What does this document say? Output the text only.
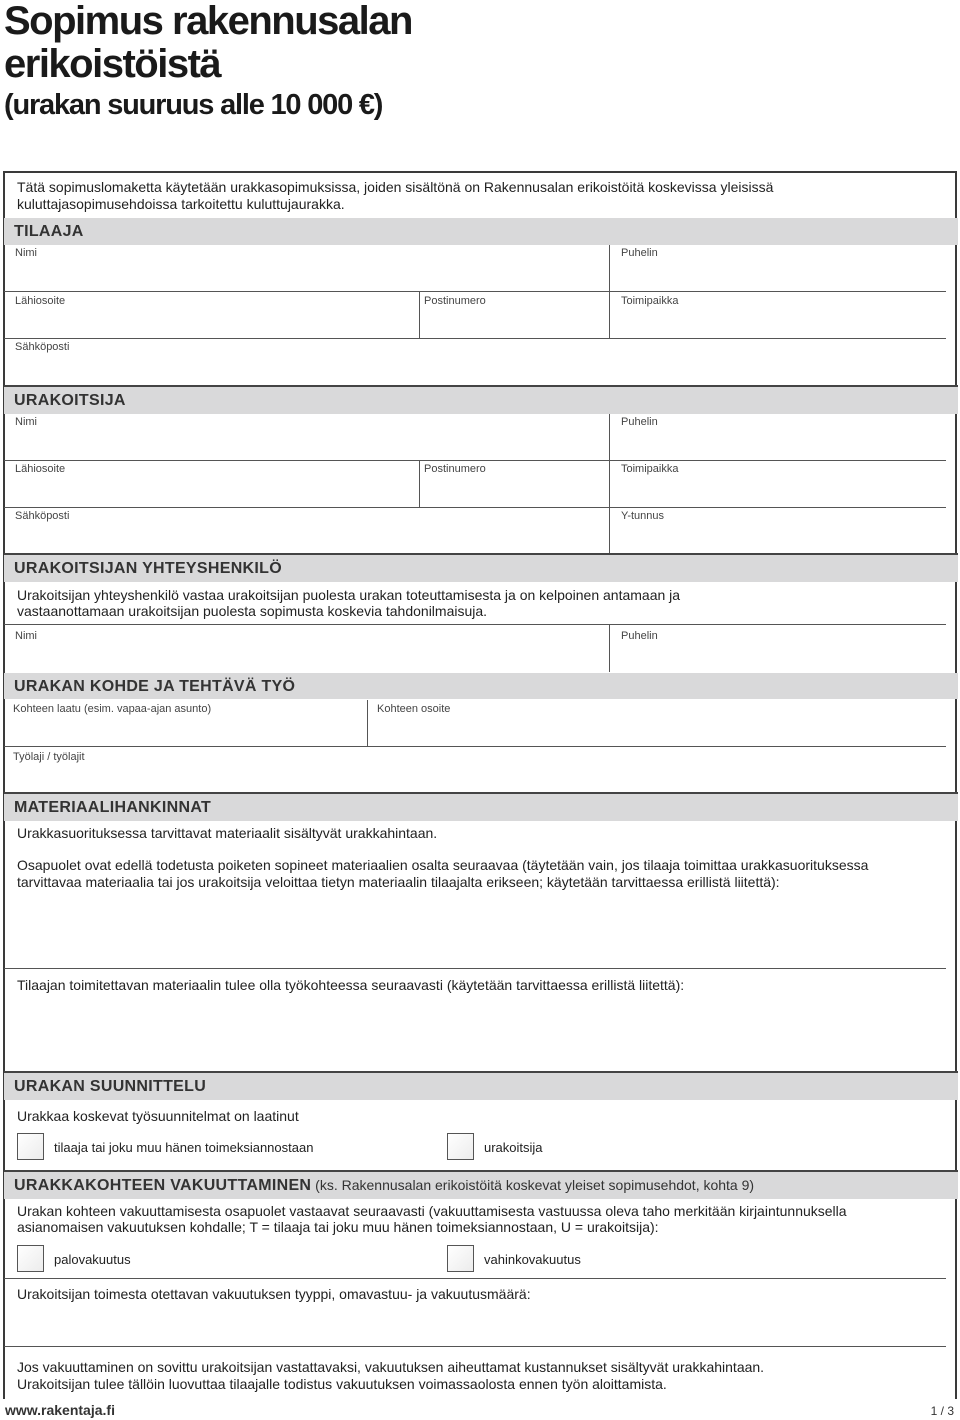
Sopimus rakennusalan
erikoistöistä
(urakan suuruus alle 10 000 €)
Tätä sopimuslomaketta käytetään urakkasopimuksissa, joiden sisältönä on Rakennusalan erikoistöitä koskevissa yleisissä
kuluttajasopimusehdoissa tarkoitettu kuluttujaurakka.
TILAAJA
Nimi	Puhelin
Lähiosoite	Postinumero	Toimipaikka
Sähköposti
URAKOITSIJA
Nimi	Puhelin
Lähiosoite	Postinumero	Toimipaikka
Sähköposti	Y-tunnus
URAKOITSIJAN YHTEYSHENKILÖ
Urakoitsijan yhteyshenkilö vastaa urakoitsijan puolesta urakan toteuttamisesta ja on kelpoinen antamaan ja
vastaanottamaan urakoitsijan puolesta sopimusta koskevia tahdonilmaisuja.
Nimi	Puhelin
URAKAN KOHDE JA TEHTÄVÄ TYÖ
Kohteen laatu (esim. vapaa-ajan asunto)	Kohteen osoite
Työlaji / työlajit
MATERIAALIHANKINNAT
Urakkasuorituksessa tarvittavat materiaalit sisältyvät urakkahintaan.
Osapuolet ovat edellä todetusta poiketen sopineet materiaalien osalta seuraavaa (täytetään vain, jos tilaaja toimittaa urakkasuorituksessa
tarvittavaa materiaalia tai jos urakoitsija veloittaa tietyn materiaalin tilaajalta erikseen; käytetään tarvittaessa erillistä liitettä):
Tilaajan toimitettavan materiaalin tulee olla työkohteessa seuraavasti (käytetään tarvittaessa erillistä liitettä):
URAKAN SUUNNITTELU
Urakkaa koskevat työsuunnitelmat on laatinut
tilaaja tai joku muu hänen toimeksiannostaan	urakoitsija
URAKKAKOHTEEN VAKUUTTAMINEN (ks. Rakennusalan erikoistöitä koskevat yleiset sopimusehdot, kohta 9)
Urakan kohteen vakuuttamisesta osapuolet vastaavat seuraavasti (vakuuttamisesta vastuussa oleva taho merkitään kirjaintunnuksella
asianomaisen vakuutuksen kohdalle; T = tilaaja tai joku muu hänen toimeksiannostaan, U = urakoitsija):
palovakuutus	vahinkovakuutus
Urakoitsijan toimesta otettavan vakuutuksen tyyppi, omavastuu- ja vakuutusmäärä:
Jos vakuuttaminen on sovittu urakoitsijan vastattavaksi, vakuutuksen aiheuttamat kustannukset sisältyvät urakkahintaan.
Urakoitsijan tulee tällöin luovuttaa tilaajalle todistus vakuutuksen voimassaolosta ennen työn aloittamista.
www.rakentaja.fi	1 / 3
